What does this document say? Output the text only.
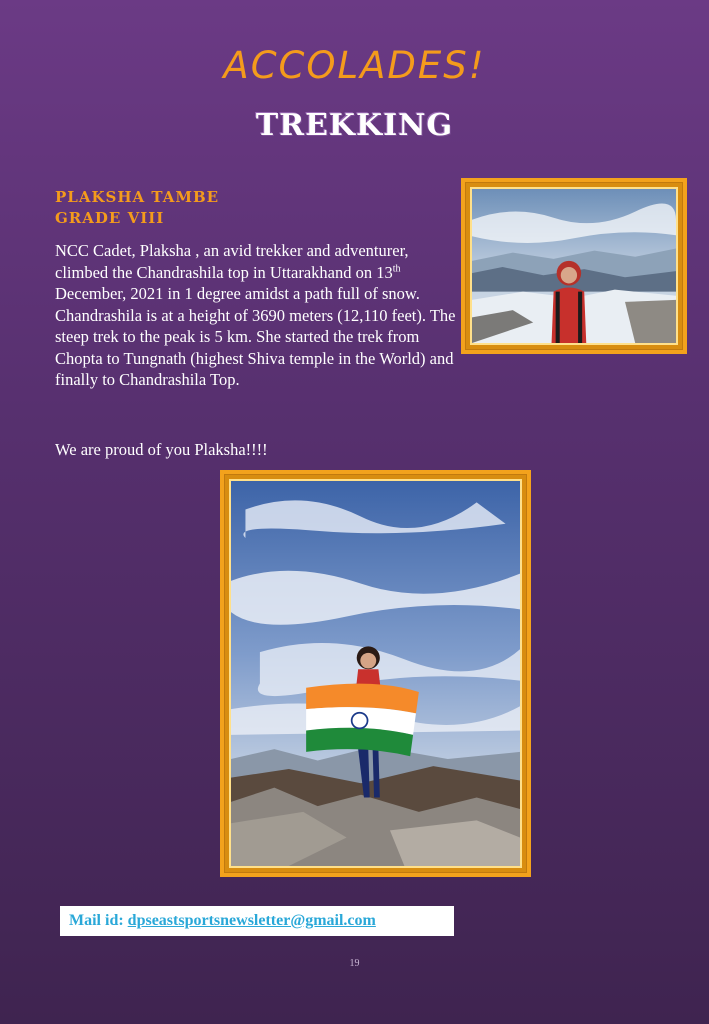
ACCOLADES!
TREKKING
PLAKSHA TAMBE
GRADE VIII
NCC Cadet, Plaksha , an avid trekker and adventurer, climbed the Chandrashila top in Uttarakhand on 13th December, 2021 in 1 degree amidst a path full of snow. Chandrashila is at a height of 3690 meters (12,110 feet). The steep trek to the peak is 5 km. She started the trek from Chopta to Tungnath (highest Shiva temple in the World) and finally to Chandrashila Top.
We are proud of you Plaksha!!!!
Mail id: dpseastsportsnewsletter@gmail.com
19
